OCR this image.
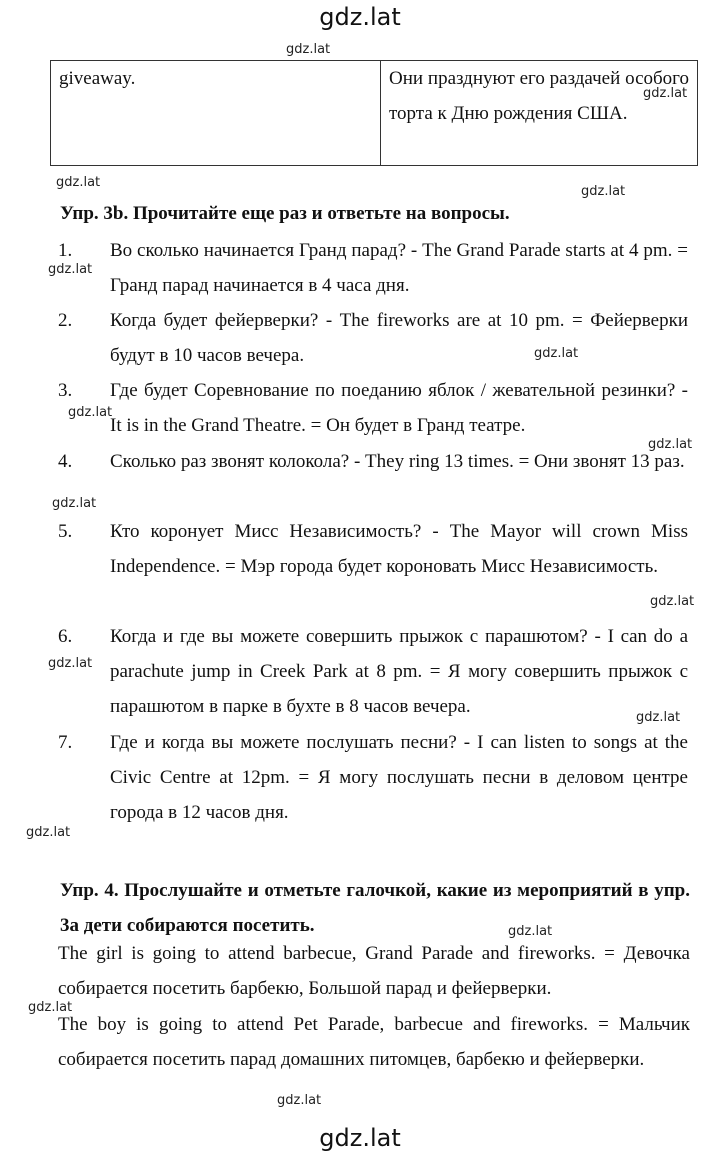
gdz.lat
gdz.lat
gdz.lat
gdz.lat
gdz.lat
gdz.lat
gdz.lat
gdz.lat
gdz.lat
gdz.lat
gdz.lat
gdz.lat
gdz.lat
gdz.lat
gdz.lat
gdz.lat
gdz.lat
gdz.lat
giveaway.	Они празднуют его раздачей особого торта к Дню рождения США.
Упр. 3b. Прочитайте еще раз и ответьте на вопросы.
1. Во сколько начинается Гранд парад? - The Grand Parade starts at 4 pm. = Гранд парад начинается в 4 часа дня.
2. Когда будет фейерверки? - The fireworks are at 10 pm. = Фейерверки будут в 10 часов вечера.
3. Где будет Соревнование по поеданию яблок / жевательной резинки? - It is in the Grand Theatre. = Он будет в Гранд театре.
4. Сколько раз звонят колокола? - They ring 13 times. = Они звонят 13 раз.
5. Кто коронует Мисс Независимость? - The Mayor will crown Miss Independence. = Мэр города будет короновать Мисс Независимость.
6. Когда и где вы можете совершить прыжок с парашютом? - I can do a parachute jump in Creek Park at 8 pm. = Я могу совершить прыжок с парашютом в парке в бухте в 8 часов вечера.
7. Где и когда вы можете послушать песни? - I can listen to songs at the Civic Centre at 12pm. = Я могу послушать песни в деловом центре города в 12 часов дня.
Упр. 4. Прослушайте и отметьте галочкой, какие из мероприятий в упр. 3a дети собираются посетить.
The girl is going to attend barbecue, Grand Parade and fireworks. = Девочка собирается посетить барбекю, Большой парад и фейерверки.
The boy is going to attend Pet Parade, barbecue and fireworks. = Мальчик собирается посетить парад домашних питомцев, барбекю и фейерверки.
